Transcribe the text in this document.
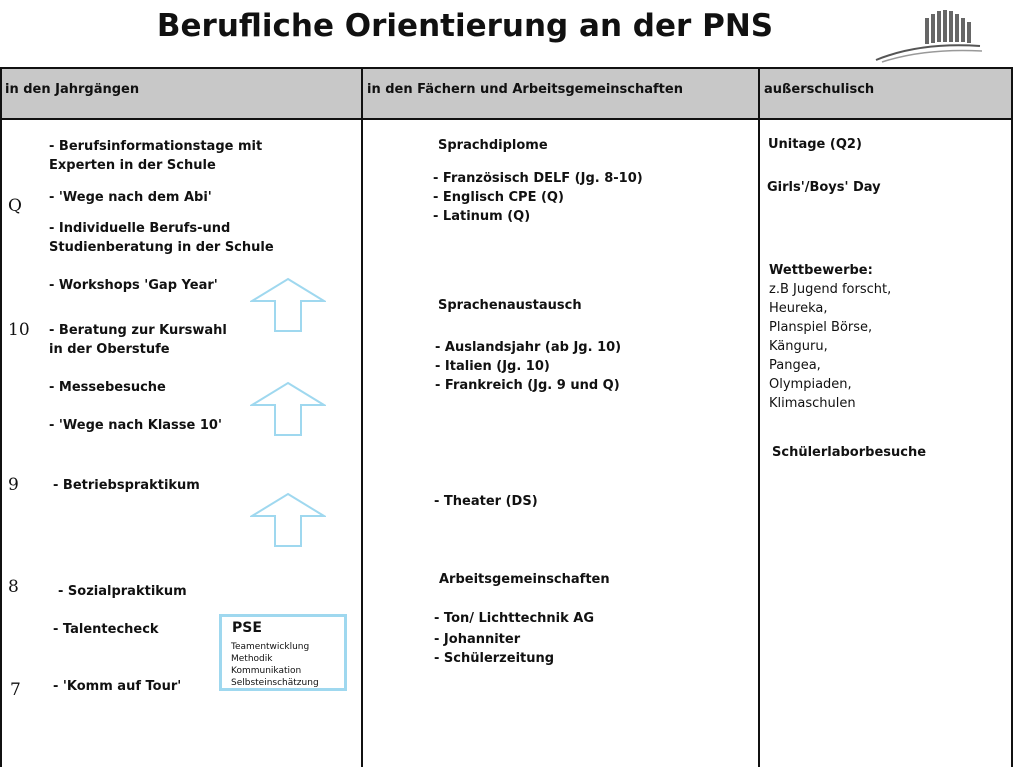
Berufliche Orientierung an der PNS
in den Jahrgängen	in den Fächern und Arbeitsgemeinschaften	außerschulisch
Q
10
9
8
7
- Berufsinformationstage mit
Experten in der Schule
- 'Wege nach dem Abi'
- Individuelle Berufs-und
Studienberatung in der Schule
- Workshops 'Gap Year'
- Beratung zur Kurswahl
in der Oberstufe
- Messebesuche
- 'Wege nach Klasse 10'
- Betriebspraktikum
- Sozialpraktikum
- Talentecheck
- 'Komm auf Tour'
PSE
Teamentwicklung
Methodik
Kommunikation
Selbsteinschätzung
Sprachdiplome
- Französisch DELF (Jg. 8-10)
- Englisch CPE (Q)
- Latinum (Q)
Sprachenaustausch
- Auslandsjahr (ab Jg. 10)
- Italien (Jg. 10)
- Frankreich (Jg. 9 und Q)
- Theater (DS)
Arbeitsgemeinschaften
- Ton/ Lichttechnik AG
- Johanniter
- Schülerzeitung
Unitage (Q2)
Girls'/Boys' Day
Wettbewerbe:
z.B Jugend forscht,
Heureka,
Planspiel Börse,
Känguru,
Pangea,
Olympiaden,
Klimaschulen
Schülerlaborbesuche
